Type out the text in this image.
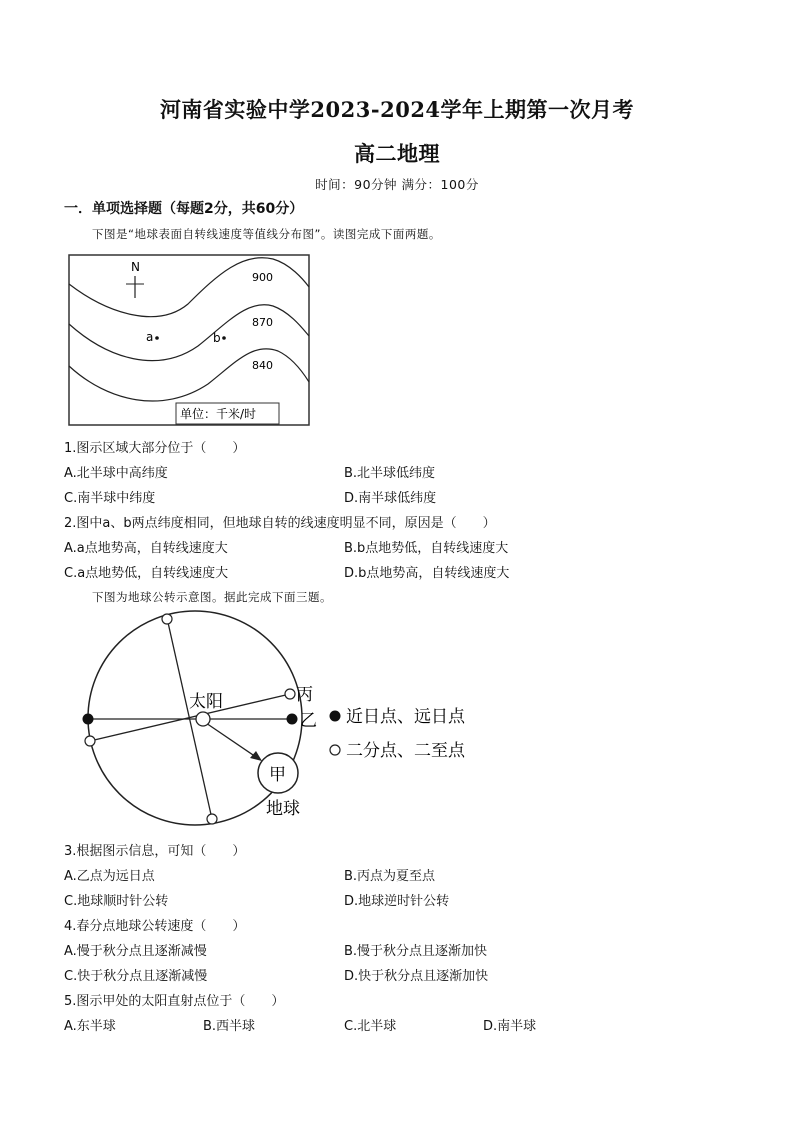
河南省实验中学2023-2024学年上期第一次月考
高二地理
时间：90分钟 满分：100分
一．单项选择题（每题2分，共60分）
下图是“地球表面自转线速度等值线分布图”。读图完成下面两题。
N
900
870
840
a	b
单位：千米/时
1.图示区域大部分位于（　　）
A.北半球中高纬度	B.北半球低纬度
C.南半球中纬度	D.南半球低纬度
2.图中a、b两点纬度相同，但地球自转的线速度明显不同，原因是（　　）
A.a点地势高，自转线速度大	B.b点地势低，自转线速度大
C.a点地势低，自转线速度大	D.b点地势高，自转线速度大
下图为地球公转示意图。据此完成下面三题。
甲
太阳
地球
丙
乙 近日点、远日点
二分点、二至点
3.根据图示信息，可知（　　）
A.乙点为远日点	B.丙点为夏至点
C.地球顺时针公转	D.地球逆时针公转
4.春分点地球公转速度（　　）
A.慢于秋分点且逐渐减慢	B.慢于秋分点且逐渐加快
C.快于秋分点且逐渐减慢	D.快于秋分点且逐渐加快
5.图示甲处的太阳直射点位于（　　）
A.东半球	B.西半球	C.北半球	D.南半球
